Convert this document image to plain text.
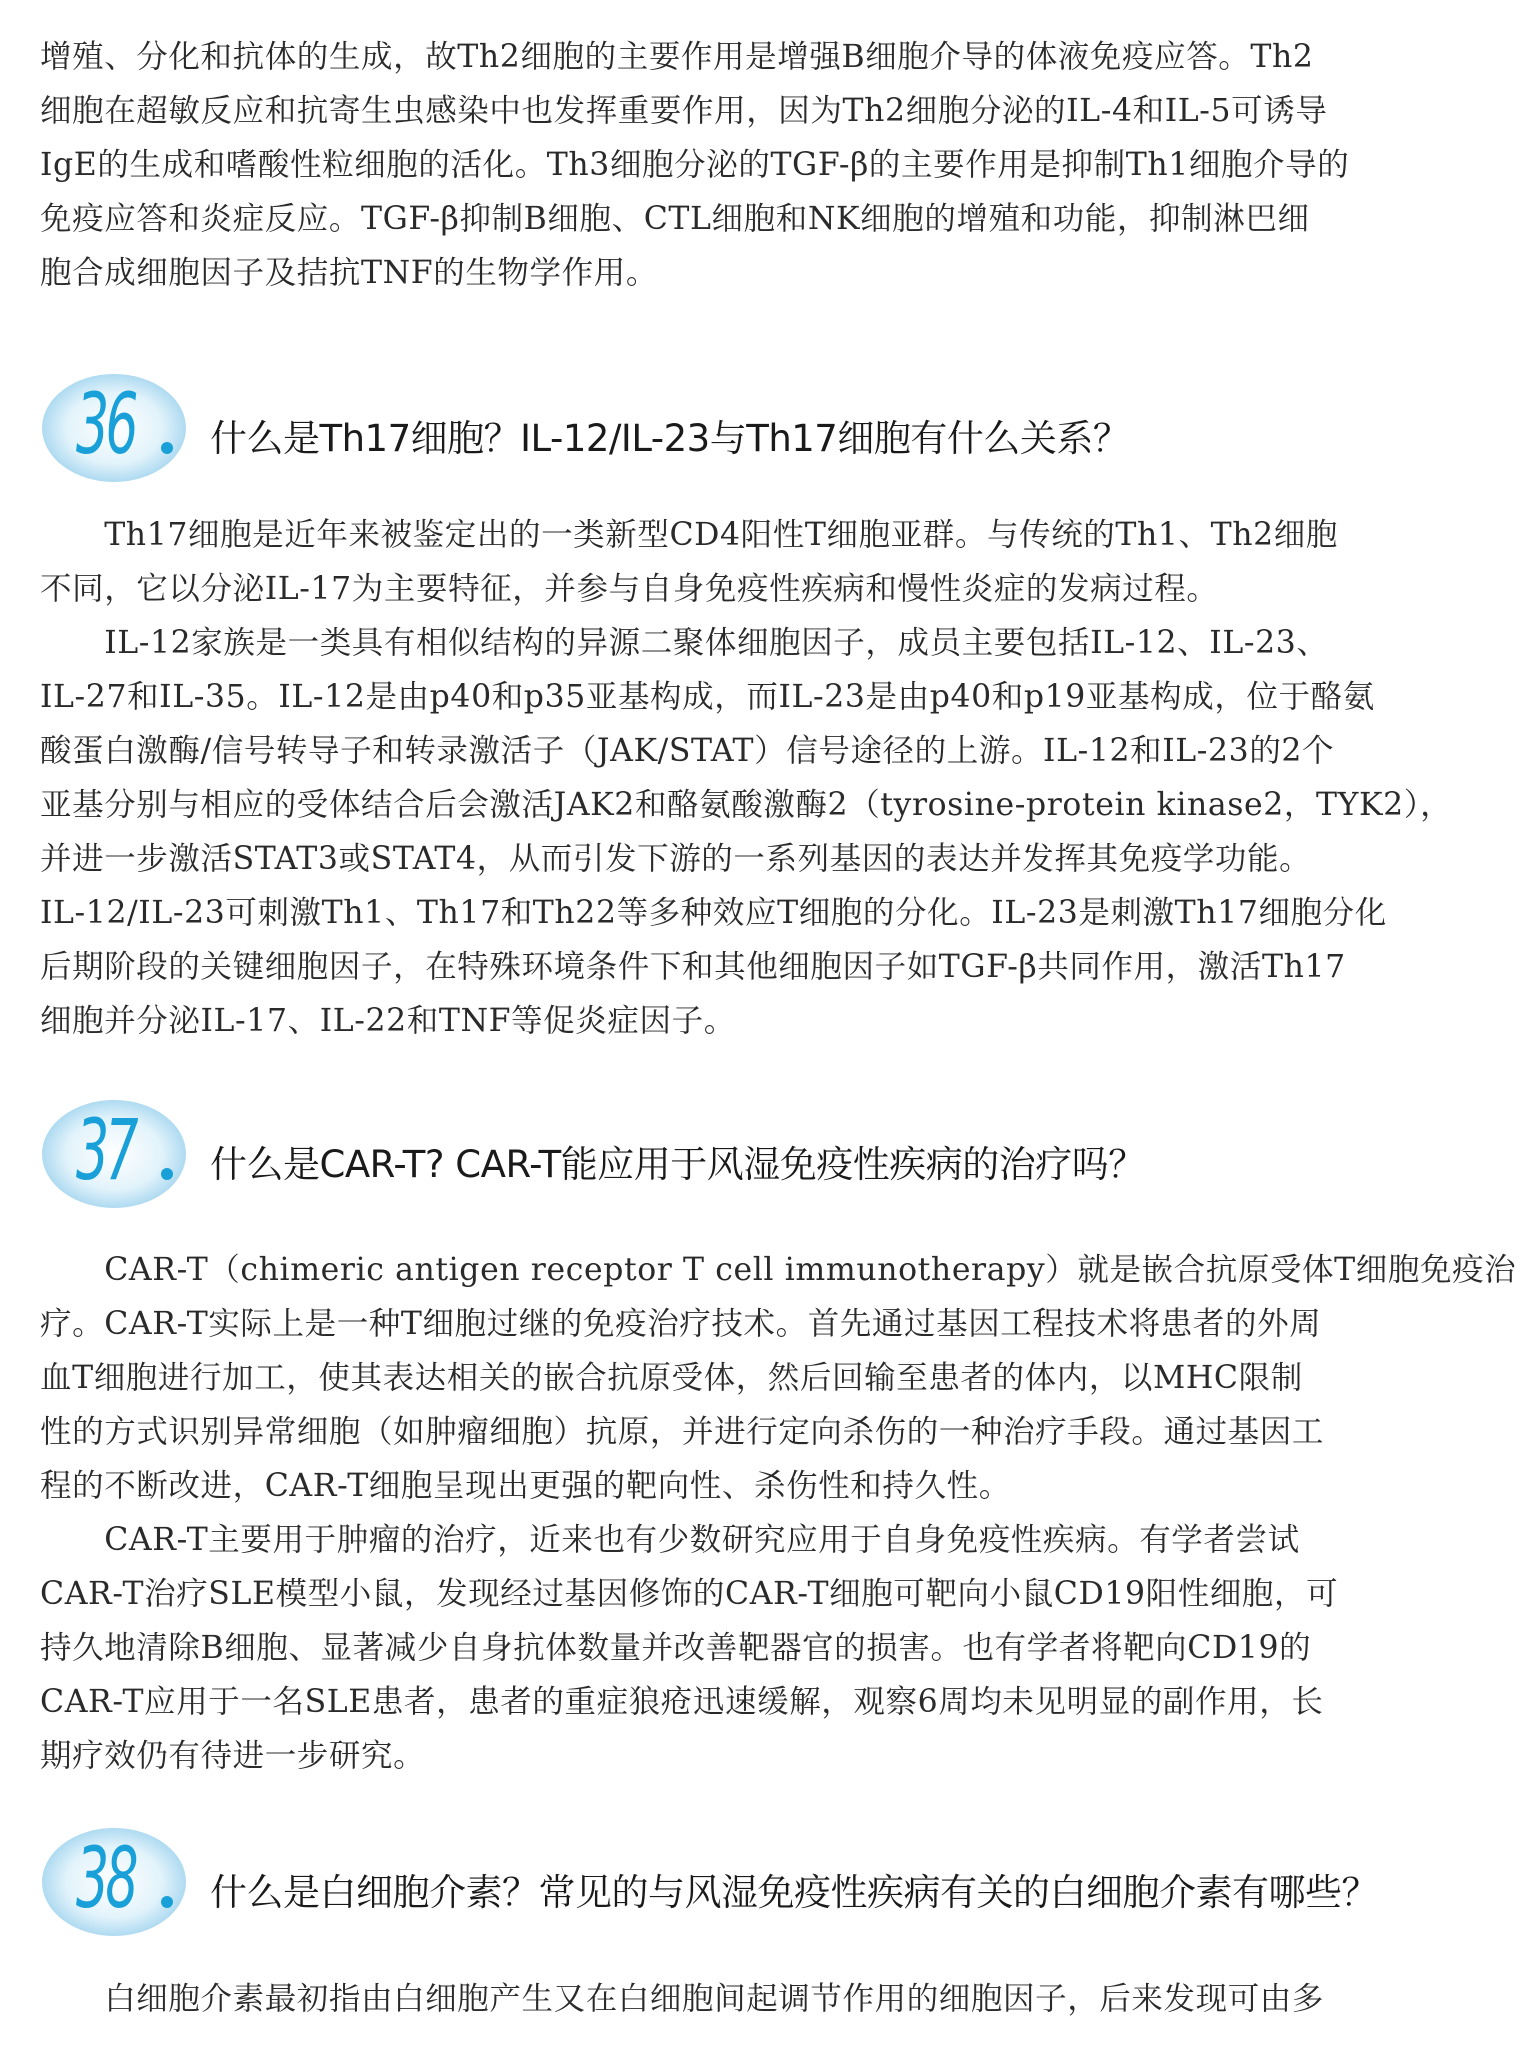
增殖、分化和抗体的生成，故Th2细胞的主要作用是增强B细胞介导的体液免疫应答。Th2
细胞在超敏反应和抗寄生虫感染中也发挥重要作用，因为Th2细胞分泌的IL-4和IL-5可诱导
IgE的生成和嗜酸性粒细胞的活化。Th3细胞分泌的TGF-β的主要作用是抑制Th1细胞介导的
免疫应答和炎症反应。TGF-β抑制B细胞、CTL细胞和NK细胞的增殖和功能，抑制淋巴细
胞合成细胞因子及拮抗TNF的生物学作用。
36 什么是Th17细胞？IL-12/IL-23与Th17细胞有什么关系？
　　Th17细胞是近年来被鉴定出的一类新型CD4阳性T细胞亚群。与传统的Th1、Th2细胞
不同，它以分泌IL-17为主要特征，并参与自身免疫性疾病和慢性炎症的发病过程。
　　IL-12家族是一类具有相似结构的异源二聚体细胞因子，成员主要包括IL-12、IL-23、
IL-27和IL-35。IL-12是由p40和p35亚基构成，而IL-23是由p40和p19亚基构成，位于酪氨
酸蛋白激酶/信号转导子和转录激活子（JAK/STAT）信号途径的上游。IL-12和IL-23的2个
亚基分别与相应的受体结合后会激活JAK2和酪氨酸激酶2（tyrosine-protein kinase2，TYK2），
并进一步激活STAT3或STAT4，从而引发下游的一系列基因的表达并发挥其免疫学功能。
IL-12/IL-23可刺激Th1、Th17和Th22等多种效应T细胞的分化。IL-23是刺激Th17细胞分化
后期阶段的关键细胞因子，在特殊环境条件下和其他细胞因子如TGF-β共同作用，激活Th17
细胞并分泌IL-17、IL-22和TNF等促炎症因子。
37 什么是CAR-T? CAR-T能应用于风湿免疫性疾病的治疗吗？
　　CAR-T（chimeric antigen receptor T cell immunotherapy）就是嵌合抗原受体T细胞免疫治
疗。CAR-T实际上是一种T细胞过继的免疫治疗技术。首先通过基因工程技术将患者的外周
血T细胞进行加工，使其表达相关的嵌合抗原受体，然后回输至患者的体内，以MHC限制
性的方式识别异常细胞（如肿瘤细胞）抗原，并进行定向杀伤的一种治疗手段。通过基因工
程的不断改进，CAR-T细胞呈现出更强的靶向性、杀伤性和持久性。
　　CAR-T主要用于肿瘤的治疗，近来也有少数研究应用于自身免疫性疾病。有学者尝试
CAR-T治疗SLE模型小鼠，发现经过基因修饰的CAR-T细胞可靶向小鼠CD19阳性细胞，可
持久地清除B细胞、显著减少自身抗体数量并改善靶器官的损害。也有学者将靶向CD19的
CAR-T应用于一名SLE患者，患者的重症狼疮迅速缓解，观察6周均未见明显的副作用，长
期疗效仍有待进一步研究。
38 什么是白细胞介素？常见的与风湿免疫性疾病有关的白细胞介素有哪些？
　　白细胞介素最初指由白细胞产生又在白细胞间起调节作用的细胞因子，后来发现可由多
